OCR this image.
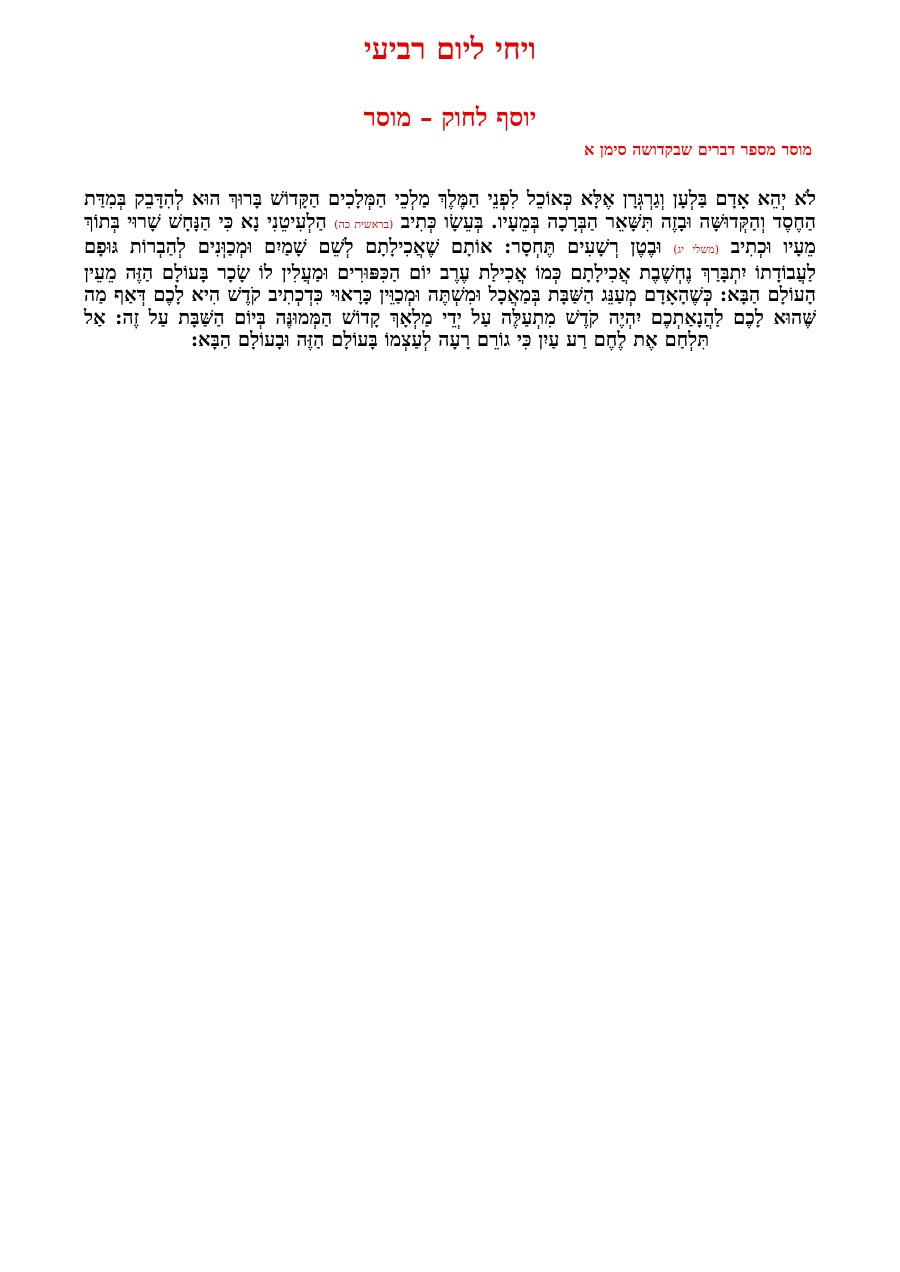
ויחי ליום רביעי
יוסף לחוק – מוסר
מוסר מספר דברים שבקדושה סימן א

לֹא יְהֵא אָדָם בַּלְעָן וְגַרְגְּרָן אֶלָּא כְּאוֹכֵל לִפְנֵי הַמֶּלֶךְ מַלְכֵי הַמְּלָכִים הַקָּדוֹשׁ בָּרוּךְ הוּא לְהִדָּבֵק בְּמִדַּת הַחֶסֶד וְהַקְּדוּשָּׁה וּבָזֶה תִּשָּׁאֵר הַבְּרָכָה בְּמֵעָיו. בְּעֵשָׂו כְּתִיב (בראשית כה) הַלְעִיטֵנִי נָא כִּי הַנָּחָשׁ שָׁרוּי בְּתוֹךְ מֵעָיו וּכְתִיב (משלי יג) וּבֶטֶן רְשָׁעִים תֶּחְסָר: אוֹתָם שֶׁאֲכִילָתָם לְשֵׁם שָׁמַיִם וּמְכַוְּנִים לְהַבְרוֹת גּוּפָם לַעֲבוֹדָתוֹ יִתְבָּרַךְ נֶחְשֶׁבֶת אֲכִילָתָם כְּמוֹ אֲכִילַת עֶרֶב יוֹם הַכִּפּוּרִים וּמַעֲלִין לוֹ שָׂכָר בָּעוֹלָם הַזֶּה מֵעֵין הָעוֹלָם הַבָּא: כְּשֶׁהָאָדָם מְעַנֵּג הַשַּׁבָּת בְּמַאֲכָל וּמִשְׁתֶּה וּמְכַוֵּין כָּרָאוּי כִּדְכְתִיב קֹדֶשׁ הִיא לָכֶם דְּאַף מַה שֶּׁהוּא לָכֶם לַהֲנָאַתְכֶם יִהְיֶה קֹדֶשׁ מִתְעַלֶּה עַל יְדֵי מַלְאָךְ קָדוֹשׁ הַמְּמוּנֶּה בְּיוֹם הַשַּׁבָּת עַל זֶה: אַל תִּלְחַם אֶת לֶחֶם רַע עַיִן כִּי גוֹרֵם רָעָה לְעַצְמוֹ בָּעוֹלָם הַזֶּה וּבָעוֹלָם הַבָּא:
